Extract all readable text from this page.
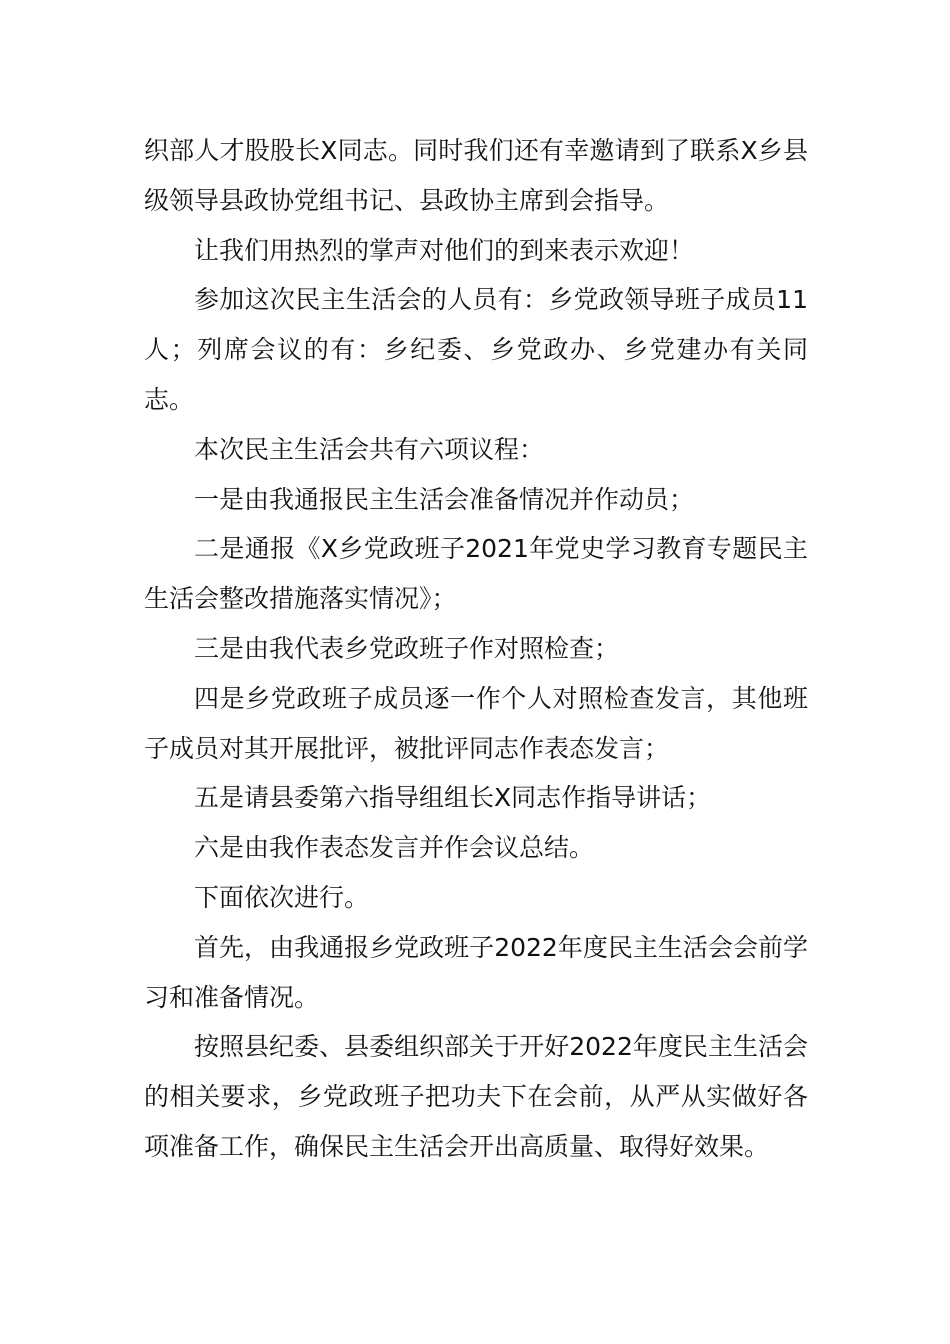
织部人才股股长X同志。同时我们还有幸邀请到了联系X乡县级领导县政协党组书记、县政协主席到会指导。

让我们用热烈的掌声对他们的到来表示欢迎！

参加这次民主生活会的人员有：乡党政领导班子成员11人；列席会议的有：乡纪委、乡党政办、乡党建办有关同志。

本次民主生活会共有六项议程：

一是由我通报民主生活会准备情况并作动员；

二是通报《X乡党政班子2021年党史学习教育专题民主生活会整改措施落实情况》；

三是由我代表乡党政班子作对照检查；

四是乡党政班子成员逐一作个人对照检查发言，其他班子成员对其开展批评，被批评同志作表态发言；

五是请县委第六指导组组长X同志作指导讲话；

六是由我作表态发言并作会议总结。

下面依次进行。

首先，由我通报乡党政班子2022年度民主生活会会前学习和准备情况。

按照县纪委、县委组织部关于开好2022年度民主生活会的相关要求，乡党政班子把功夫下在会前，从严从实做好各项准备工作，确保民主生活会开出高质量、取得好效果。
